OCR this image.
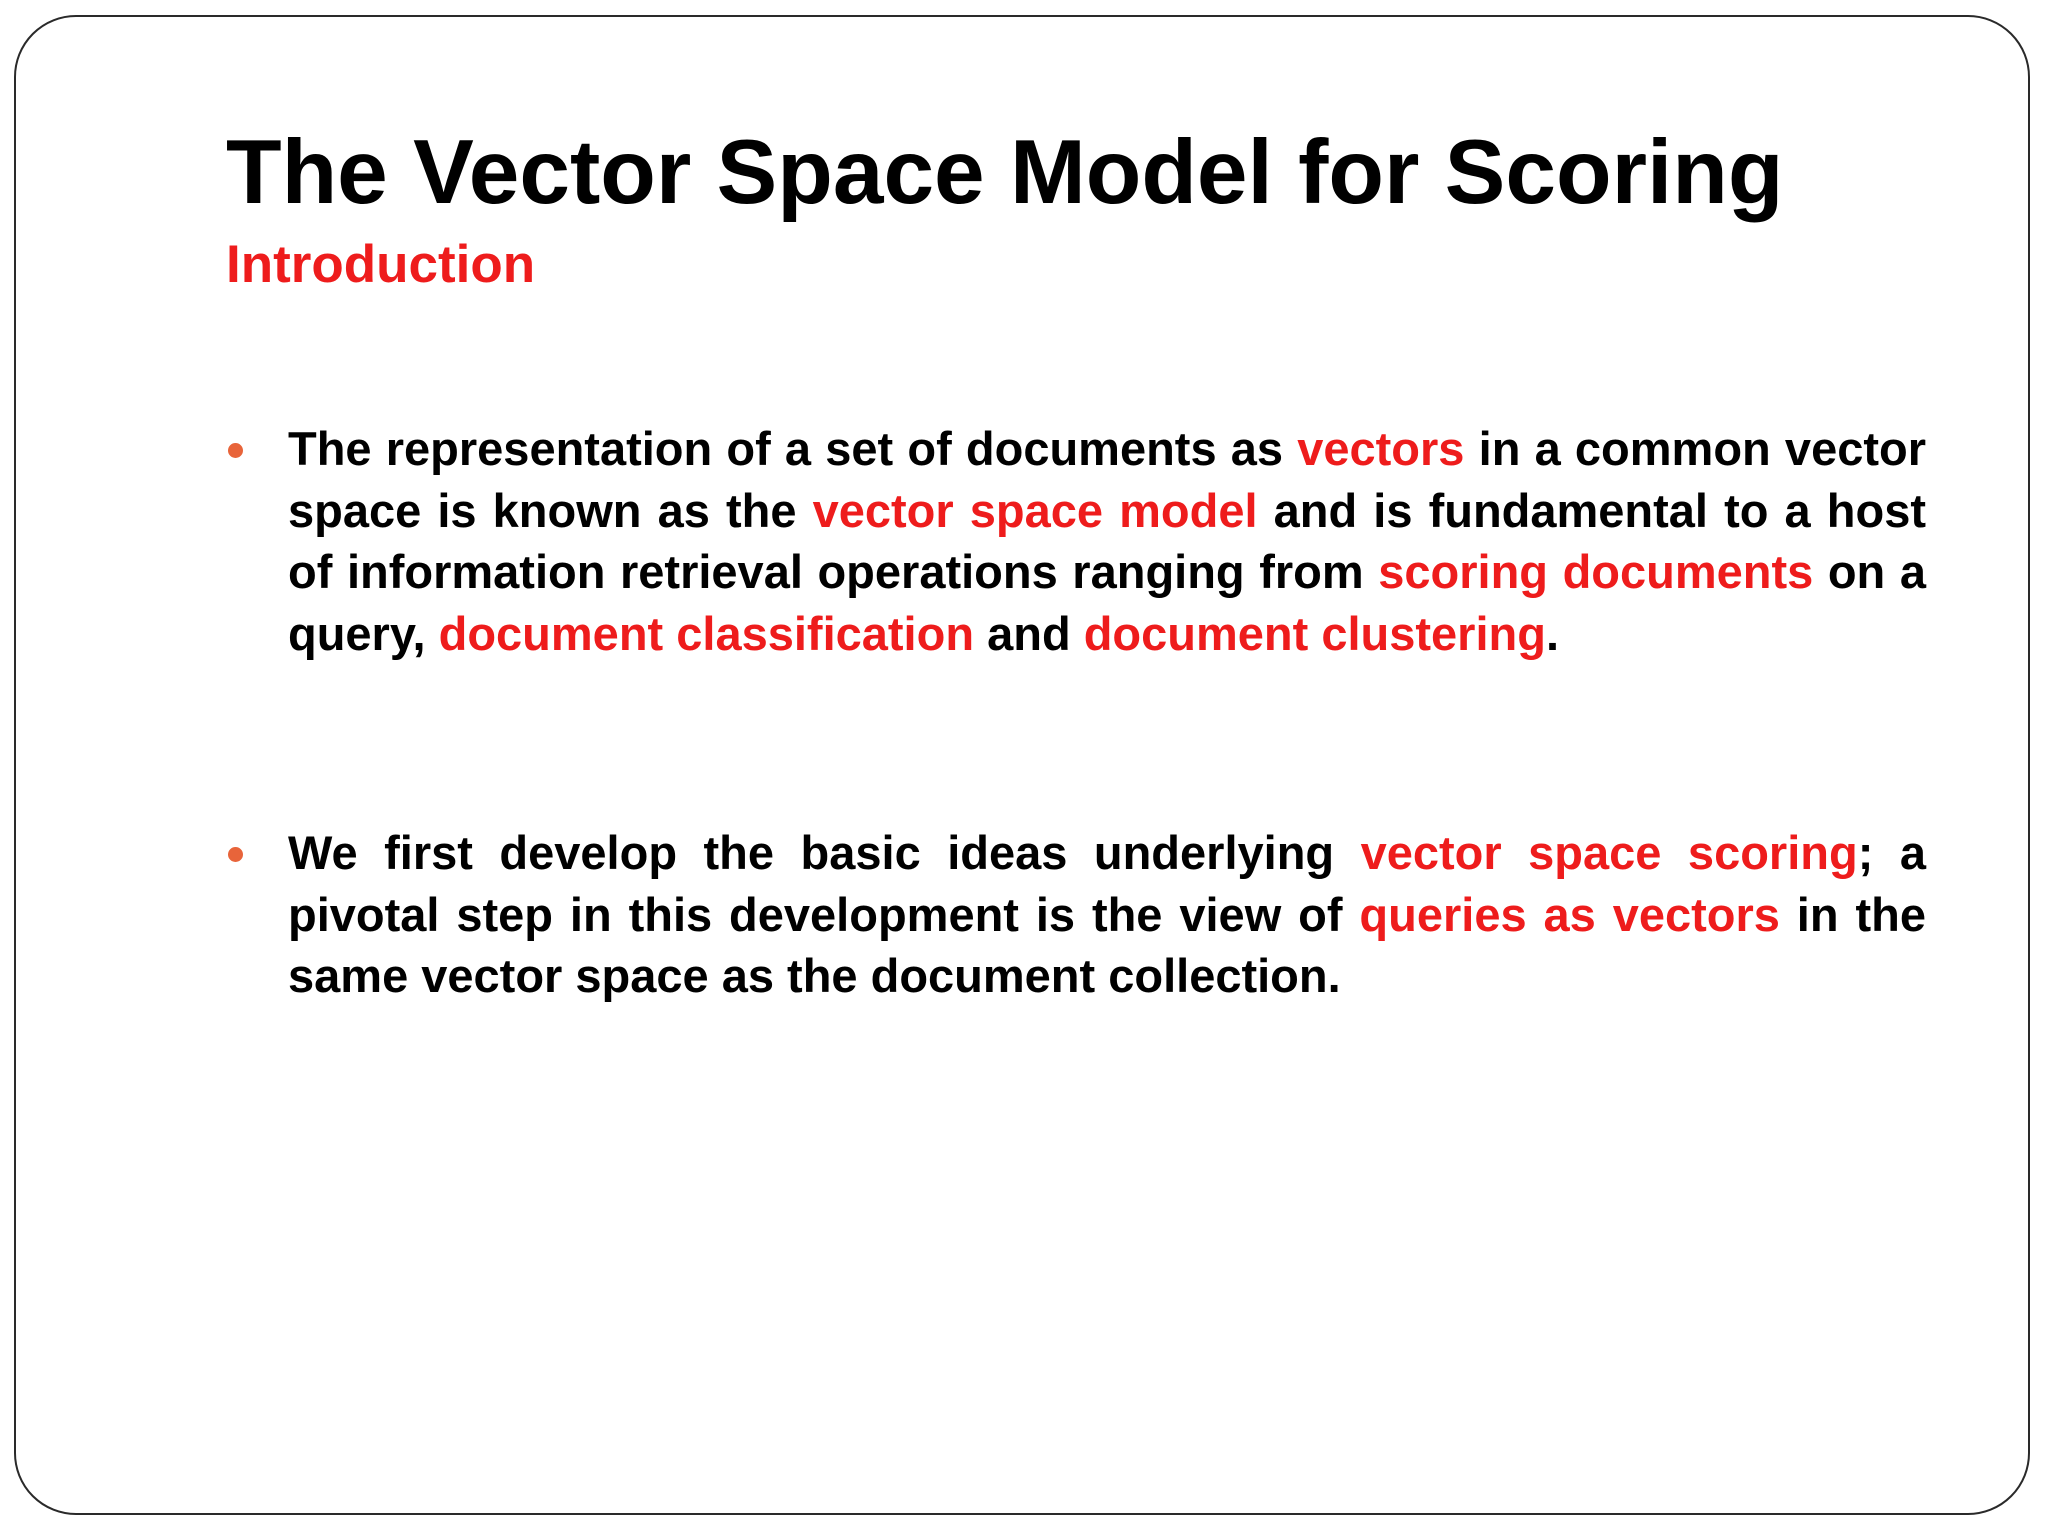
The Vector Space Model for Scoring
Introduction

The representation of a set of documents as vectors in a common vector space is known as the vector space model and is fundamental to a host of information retrieval operations ranging from scoring documents on a query, document classification and document clustering.

We first develop the basic ideas underlying vector space scoring; a pivotal step in this development is the view of queries as vectors in the same vector space as the document collection.
